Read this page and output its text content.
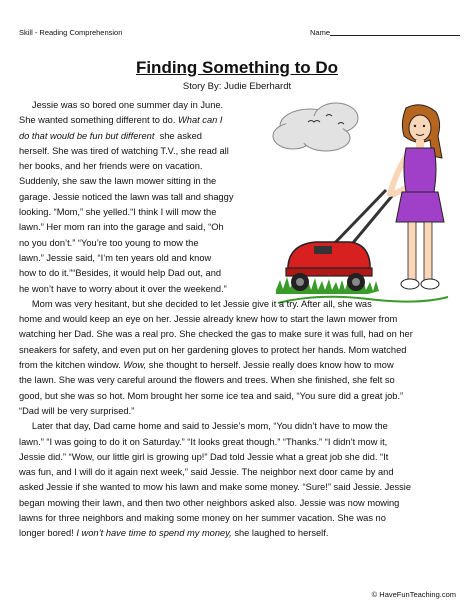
Skill - Reading Comprehension	Name
Finding Something to Do
Story By: Judie Eberhardt
Jessie was so bored one summer day in June.
She wanted something different to do. What can I
do that would be fun but different  she asked
herself. She was tired of watching T.V., she read all
her books, and her friends were on vacation.
Suddenly, she saw the lawn mower sitting in the
garage. Jessie noticed the lawn was tall and shaggy
looking. “Mom,” she yelled.“I think I will mow the
lawn.” Her mom ran into the garage and said, “Oh
no you don’t.” “You’re too young to mow the
lawn.” Jessie said, “I’m ten years old and know
how to do it.”“Besides, it would help Dad out, and
he won’t have to worry about it over the weekend.”
Mom was very hesitant, but she decided to let Jessie give it a try. After all, she was
home and would keep an eye on her. Jessie already knew how to start the lawn mower from
watching her Dad. She was a real pro. She checked the gas to make sure it was full, had on her
sneakers for safety, and even put on her gardening gloves to protect her hands. Mom watched
from the kitchen window. Wow, she thought to herself. Jessie really does know how to mow
the lawn. She was very careful around the flowers and trees. When she finished, she felt so
good, but she was so hot. Mom brought her some ice tea and said, “You sure did a great job.”
“Dad will be very surprised.”
Later that day, Dad came home and said to Jessie’s mom, “You didn’t have to mow the
lawn.” “I was going to do it on Saturday.” “It looks great though.” “Thanks.” “I didn’t mow it,
Jessie did.” “Wow, our little girl is growing up!” Dad told Jessie what a great job she did. “It
was fun, and I will do it again next week,” said Jessie. The neighbor next door came by and
asked Jessie if she wanted to mow his lawn and make some money. “Sure!” said Jessie. Jessie
began mowing their lawn, and then two other neighbors asked also. Jessie was now mowing
lawns for three neighbors and making some money on her summer vacation. She was no
longer bored! I won’t have time to spend my money, she laughed to herself.
© HaveFunTeaching.com
